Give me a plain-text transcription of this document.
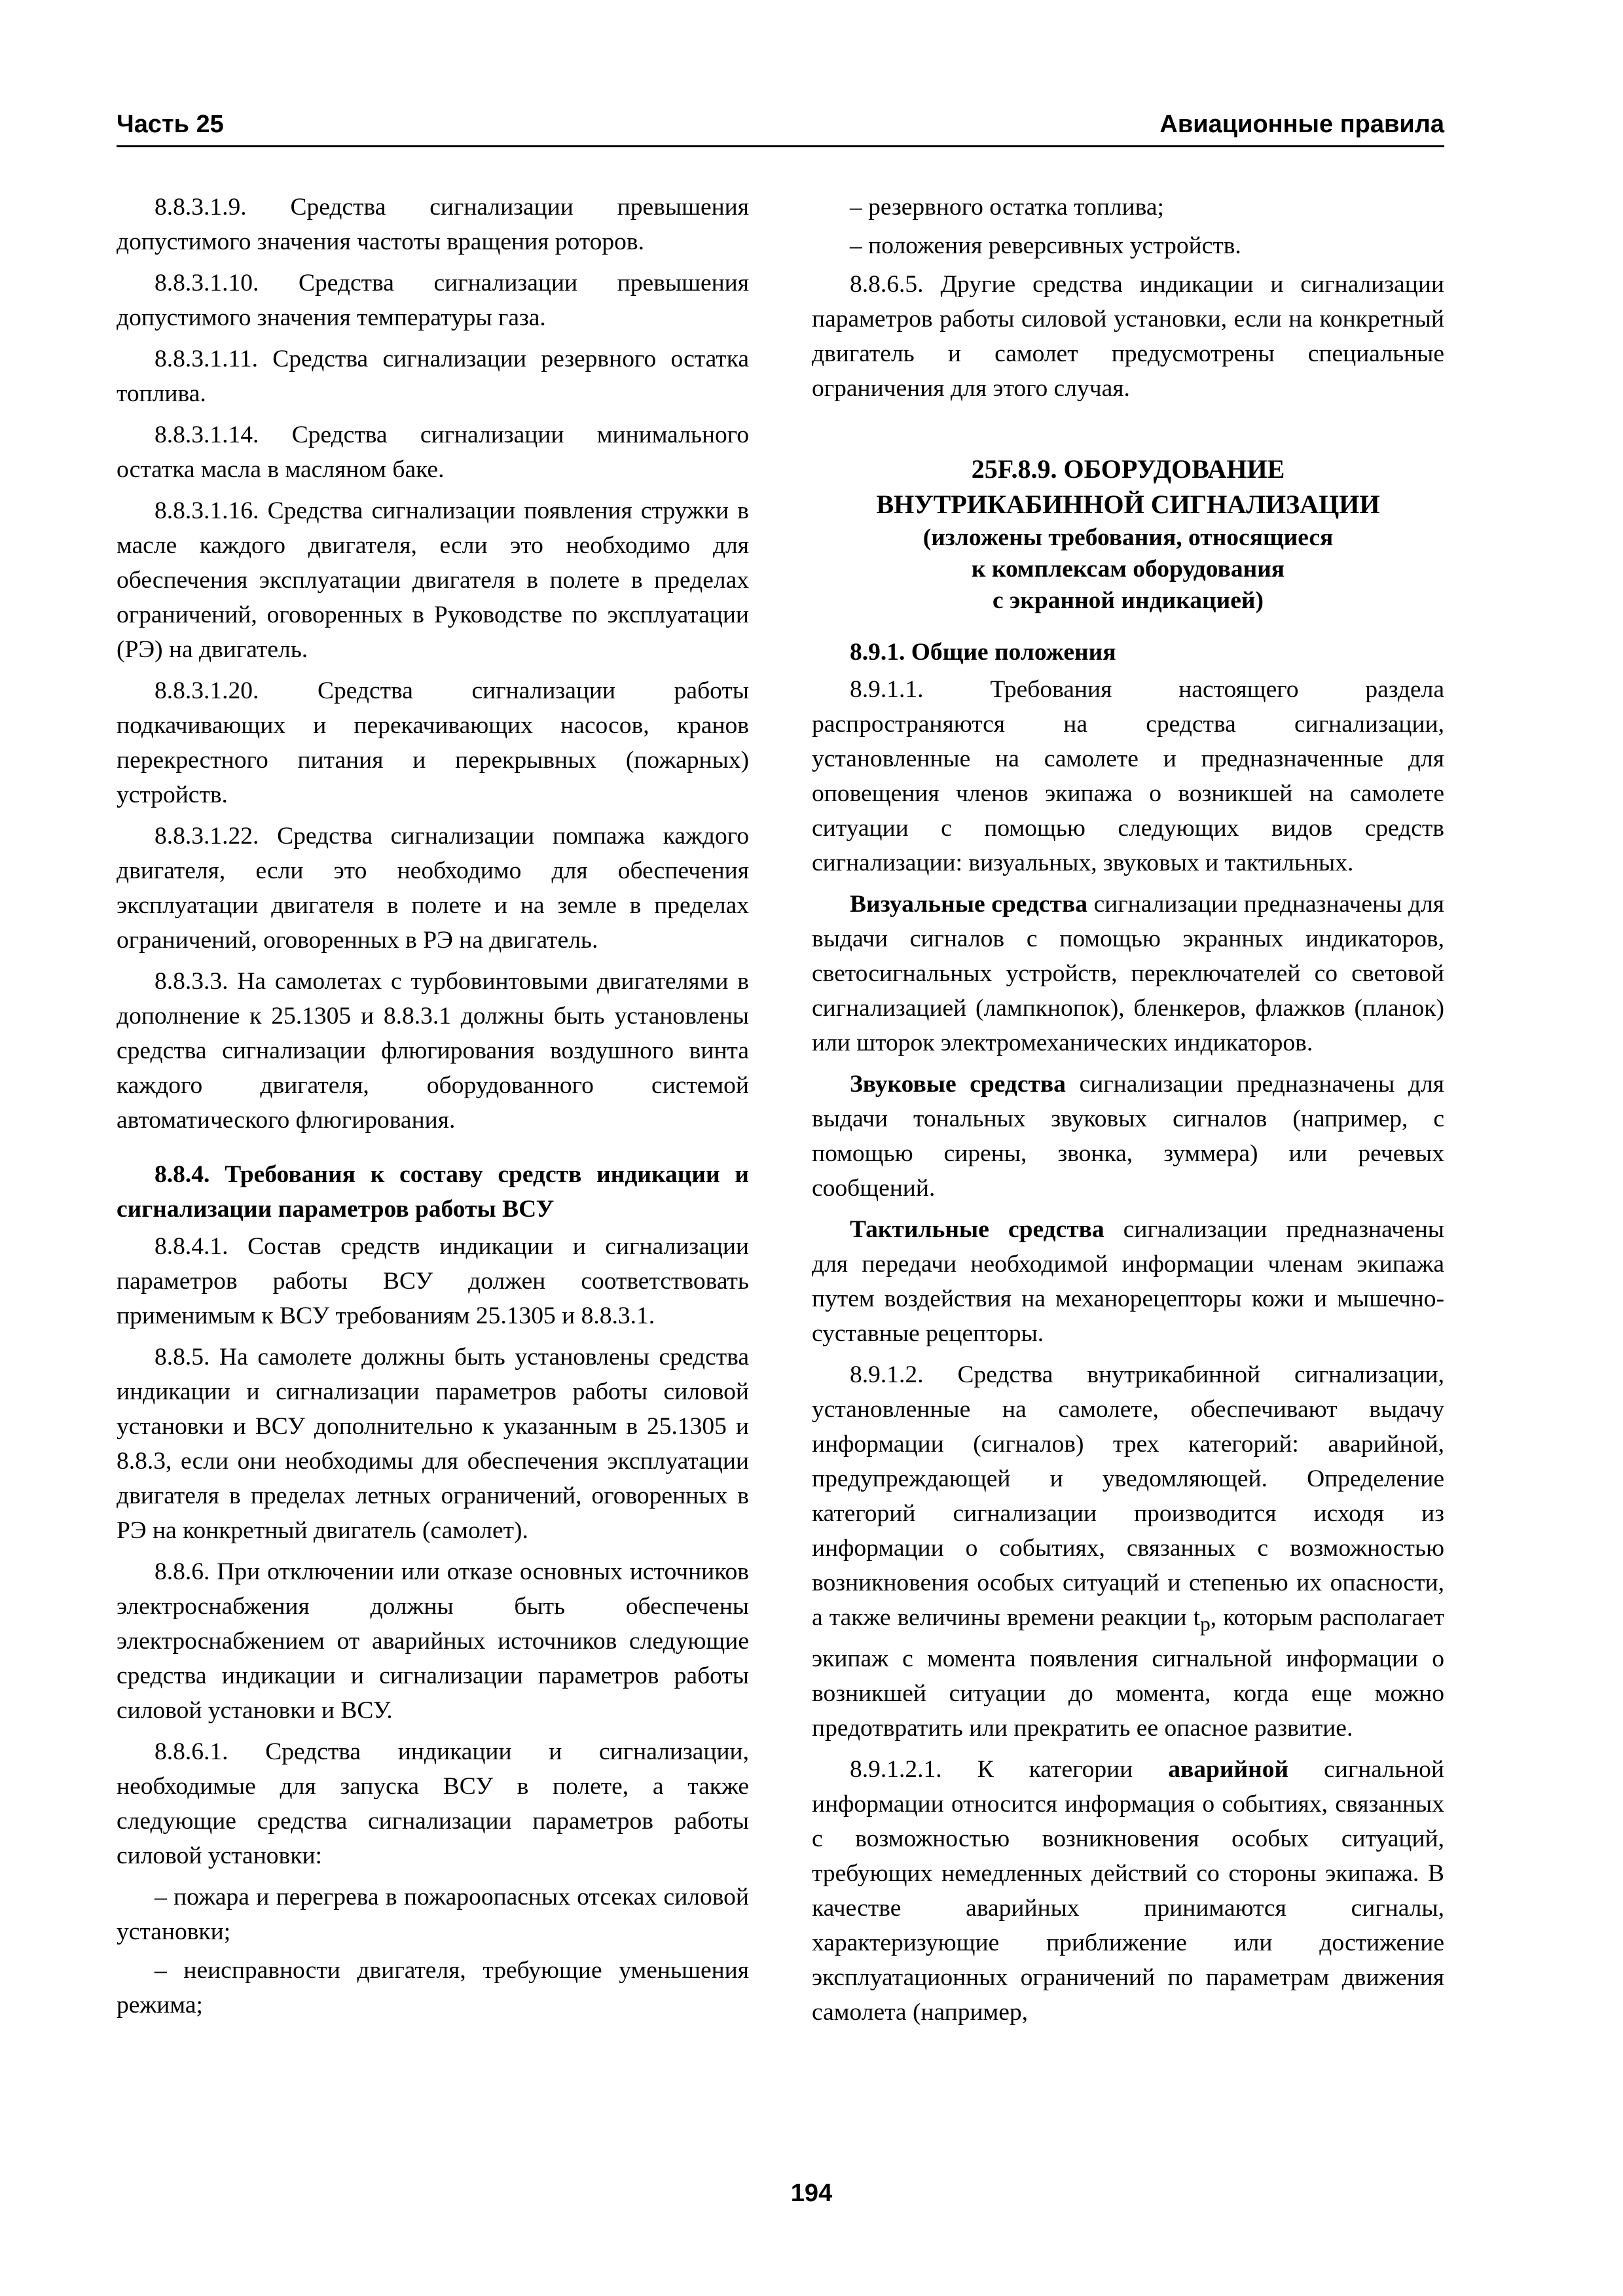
Часть 25	Авиационные правила

8.8.3.1.9. Средства сигнализации превышения допустимого значения частоты вращения роторов.

8.8.3.1.10. Средства сигнализации превышения допустимого значения температуры газа.

8.8.3.1.11. Средства сигнализации резервного остатка топлива.

8.8.3.1.14. Средства сигнализации минимального остатка масла в масляном баке.

8.8.3.1.16. Средства сигнализации появления стружки в масле каждого двигателя, если это необходимо для обеспечения эксплуатации двигателя в полете в пределах ограничений, оговоренных в Руководстве по эксплуатации (РЭ) на двигатель.

8.8.3.1.20. Средства сигнализации работы подкачивающих и перекачивающих насосов, кранов перекрестного питания и перекрывных (пожарных) устройств.

8.8.3.1.22. Средства сигнализации помпажа каждого двигателя, если это необходимо для обеспечения эксплуатации двигателя в полете и на земле в пределах ограничений, оговоренных в РЭ на двигатель.

8.8.3.3. На самолетах с турбовинтовыми двигателями в дополнение к 25.1305 и 8.8.3.1 должны быть установлены средства сигнализации флюгирования воздушного винта каждого двигателя, оборудованного системой автоматического флюгирования.

8.8.4. Требования к составу средств индикации и сигнализации параметров работы ВСУ

8.8.4.1. Состав средств индикации и сигнализации параметров работы ВСУ должен соответствовать применимым к ВСУ требованиям 25.1305 и 8.8.3.1.

8.8.5. На самолете должны быть установлены средства индикации и сигнализации параметров работы силовой установки и ВСУ дополнительно к указанным в 25.1305 и 8.8.3, если они необходимы для обеспечения эксплуатации двигателя в пределах летных ограничений, оговоренных в РЭ на конкретный двигатель (самолет).

8.8.6. При отключении или отказе основных источников электроснабжения должны быть обеспечены электроснабжением от аварийных источников следующие средства индикации и сигнализации параметров работы силовой установки и ВСУ.

8.8.6.1. Средства индикации и сигнализации, необходимые для запуска ВСУ в полете, а также следующие средства сигнализации параметров работы силовой установки:

– пожара и перегрева в пожароопасных отсеках силовой установки;

– неисправности двигателя, требующие уменьшения режима;

– резервного остатка топлива;

– положения реверсивных устройств.

8.8.6.5. Другие средства индикации и сигнализации параметров работы силовой установки, если на конкретный двигатель и самолет предусмотрены специальные ограничения для этого случая.

25F.8.9. ОБОРУДОВАНИЕ
ВНУТРИКАБИННОЙ СИГНАЛИЗАЦИИ

(изложены требования, относящиеся
к комплексам оборудования
с экранной индикацией)

8.9.1. Общие положения

8.9.1.1. Требования настоящего раздела распространяются на средства сигнализации, установленные на самолете и предназначенные для оповещения членов экипажа о возникшей на самолете ситуации с помощью следующих видов средств сигнализации: визуальных, звуковых и тактильных.

Визуальные средства сигнализации предназначены для выдачи сигналов с помощью экранных индикаторов, светосигнальных устройств, переключателей со световой сигнализацией (лампкнопок), бленкеров, флажков (планок) или шторок электромеханических индикаторов.

Звуковые средства сигнализации предназначены для выдачи тональных звуковых сигналов (например, с помощью сирены, звонка, зуммера) или речевых сообщений.

Тактильные средства сигнализации предназначены для передачи необходимой информации членам экипажа путем воздействия на механорецепторы кожи и мышечно-суставные рецепторы.

8.9.1.2. Средства внутрикабинной сигнализации, установленные на самолете, обеспечивают выдачу информации (сигналов) трех категорий: аварийной, предупреждающей и уведомляющей. Определение категорий сигнализации производится исходя из информации о событиях, связанных с возможностью возникновения особых ситуаций и степенью их опасности, а также величины времени реакции $t_р$, которым располагает экипаж с момента появления сигнальной информации о возникшей ситуации до момента, когда еще можно предотвратить или прекратить ее опасное развитие.

8.9.1.2.1. К категории аварийной сигнальной информации относится информация о событиях, связанных с возможностью возникновения особых ситуаций, требующих немедленных действий со стороны экипажа. В качестве аварийных принимаются сигналы, характеризующие приближение или достижение эксплуатационных ограничений по параметрам движения самолета (например,

194
